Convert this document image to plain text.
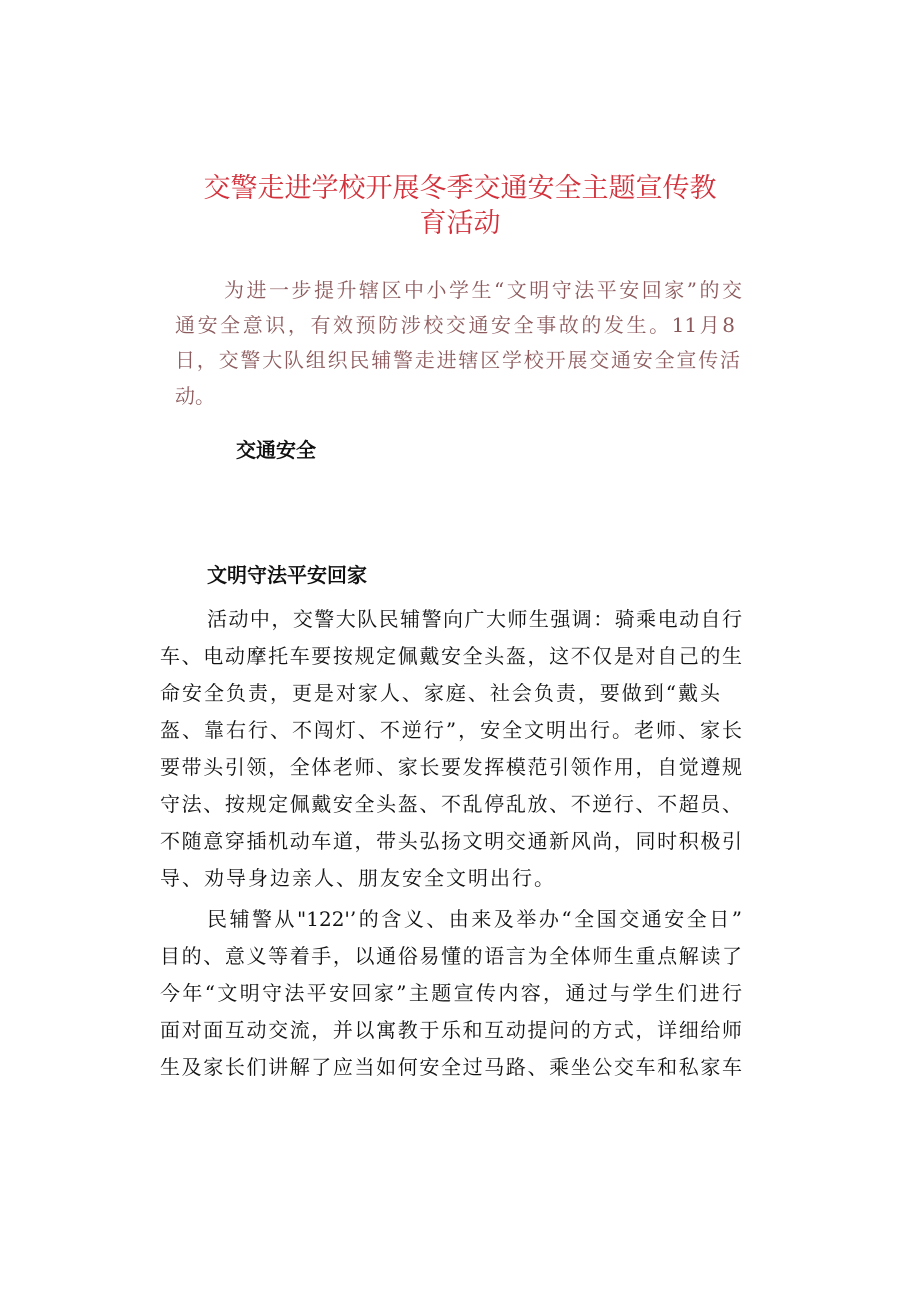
交警走进学校开展冬季交通安全主题宣传教
育活动
为进一步提升辖区中小学生“文明守法平安回家”的交
通安全意识，有效预防涉校交通安全事故的发生。11月8
日，交警大队组织民辅警走进辖区学校开展交通安全宣传活
动。
交通安全
文明守法平安回家
活动中，交警大队民辅警向广大师生强调：骑乘电动自行
车、电动摩托车要按规定佩戴安全头盔，这不仅是对自己的生
命安全负责，更是对家人、家庭、社会负责，要做到“戴头
盔、靠右行、不闯灯、不逆行”，安全文明出行。老师、家长
要带头引领，全体老师、家长要发挥模范引领作用，自觉遵规
守法、按规定佩戴安全头盔、不乱停乱放、不逆行、不超员、
不随意穿插机动车道，带头弘扬文明交通新风尚，同时积极引
导、劝导身边亲人、朋友安全文明出行。
民辅警从"122'’的含义、由来及举办“全国交通安全日”
目的、意义等着手，以通俗易懂的语言为全体师生重点解读了
今年“文明守法平安回家”主题宣传内容，通过与学生们进行
面对面互动交流，并以寓教于乐和互动提问的方式，详细给师
生及家长们讲解了应当如何安全过马路、乘坐公交车和私家车
